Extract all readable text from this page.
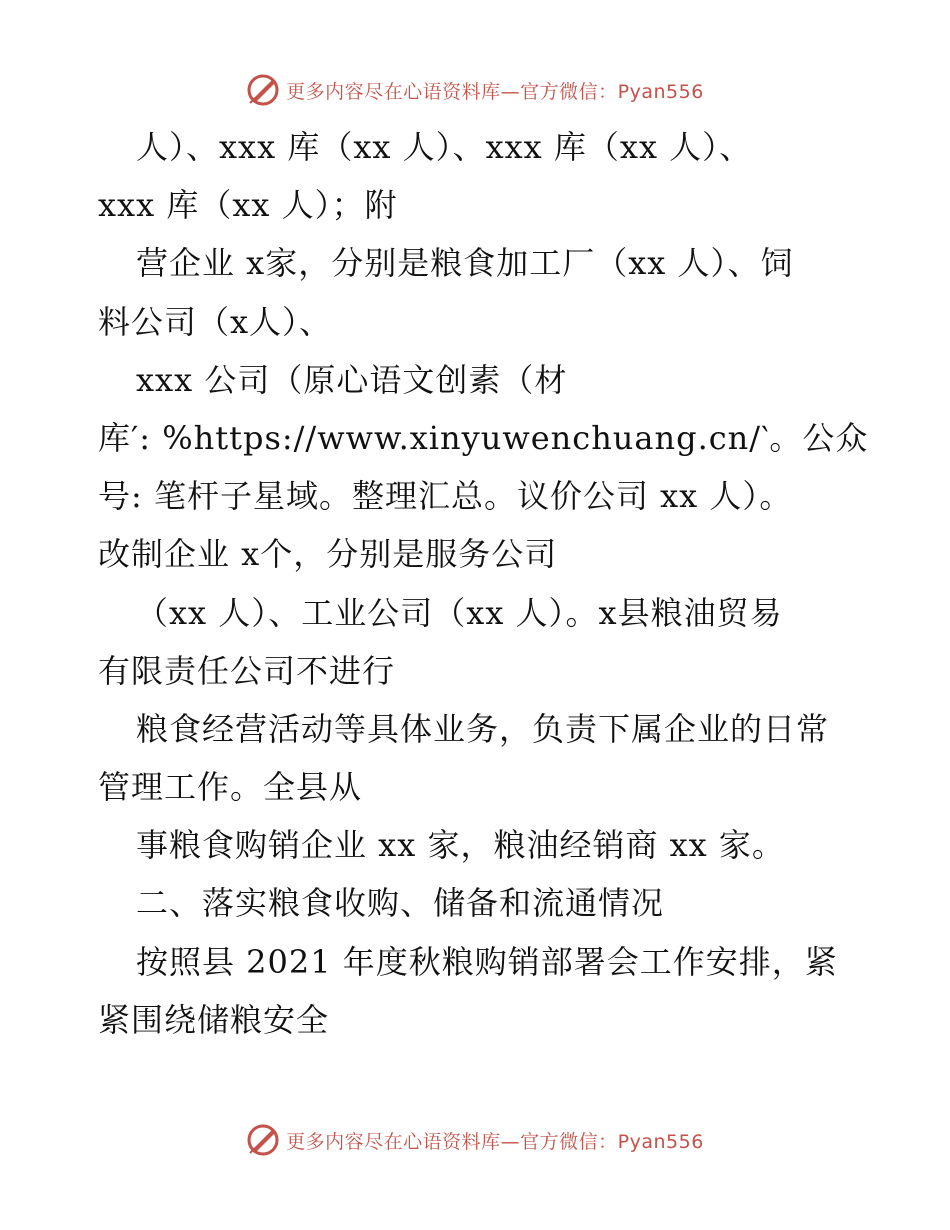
更多内容尽在心语资料库—官方微信：Pyan556
人）、xxx 库（xx 人）、xxx 库（xx 人）、
xxx 库（xx 人）；附
营企业 x家，分别是粮食加工厂（xx 人）、饲
料公司（x人）、
xxx 公司（原心语文创素（材
库′: %https://www.xinyuwenchuang.cn/‵。公众
号: 笔杆子星域。整理汇总。议价公司 xx 人）。
改制企业 x个，分别是服务公司
（xx 人）、工业公司（xx 人）。x县粮油贸易
有限责任公司不进行
粮食经营活动等具体业务，负责下属企业的日常
管理工作。全县从
事粮食购销企业 xx 家，粮油经销商 xx 家。
二、落实粮食收购、储备和流通情况
按照县 2021 年度秋粮购销部署会工作安排，紧
紧围绕储粮安全
更多内容尽在心语资料库—官方微信：Pyan556
